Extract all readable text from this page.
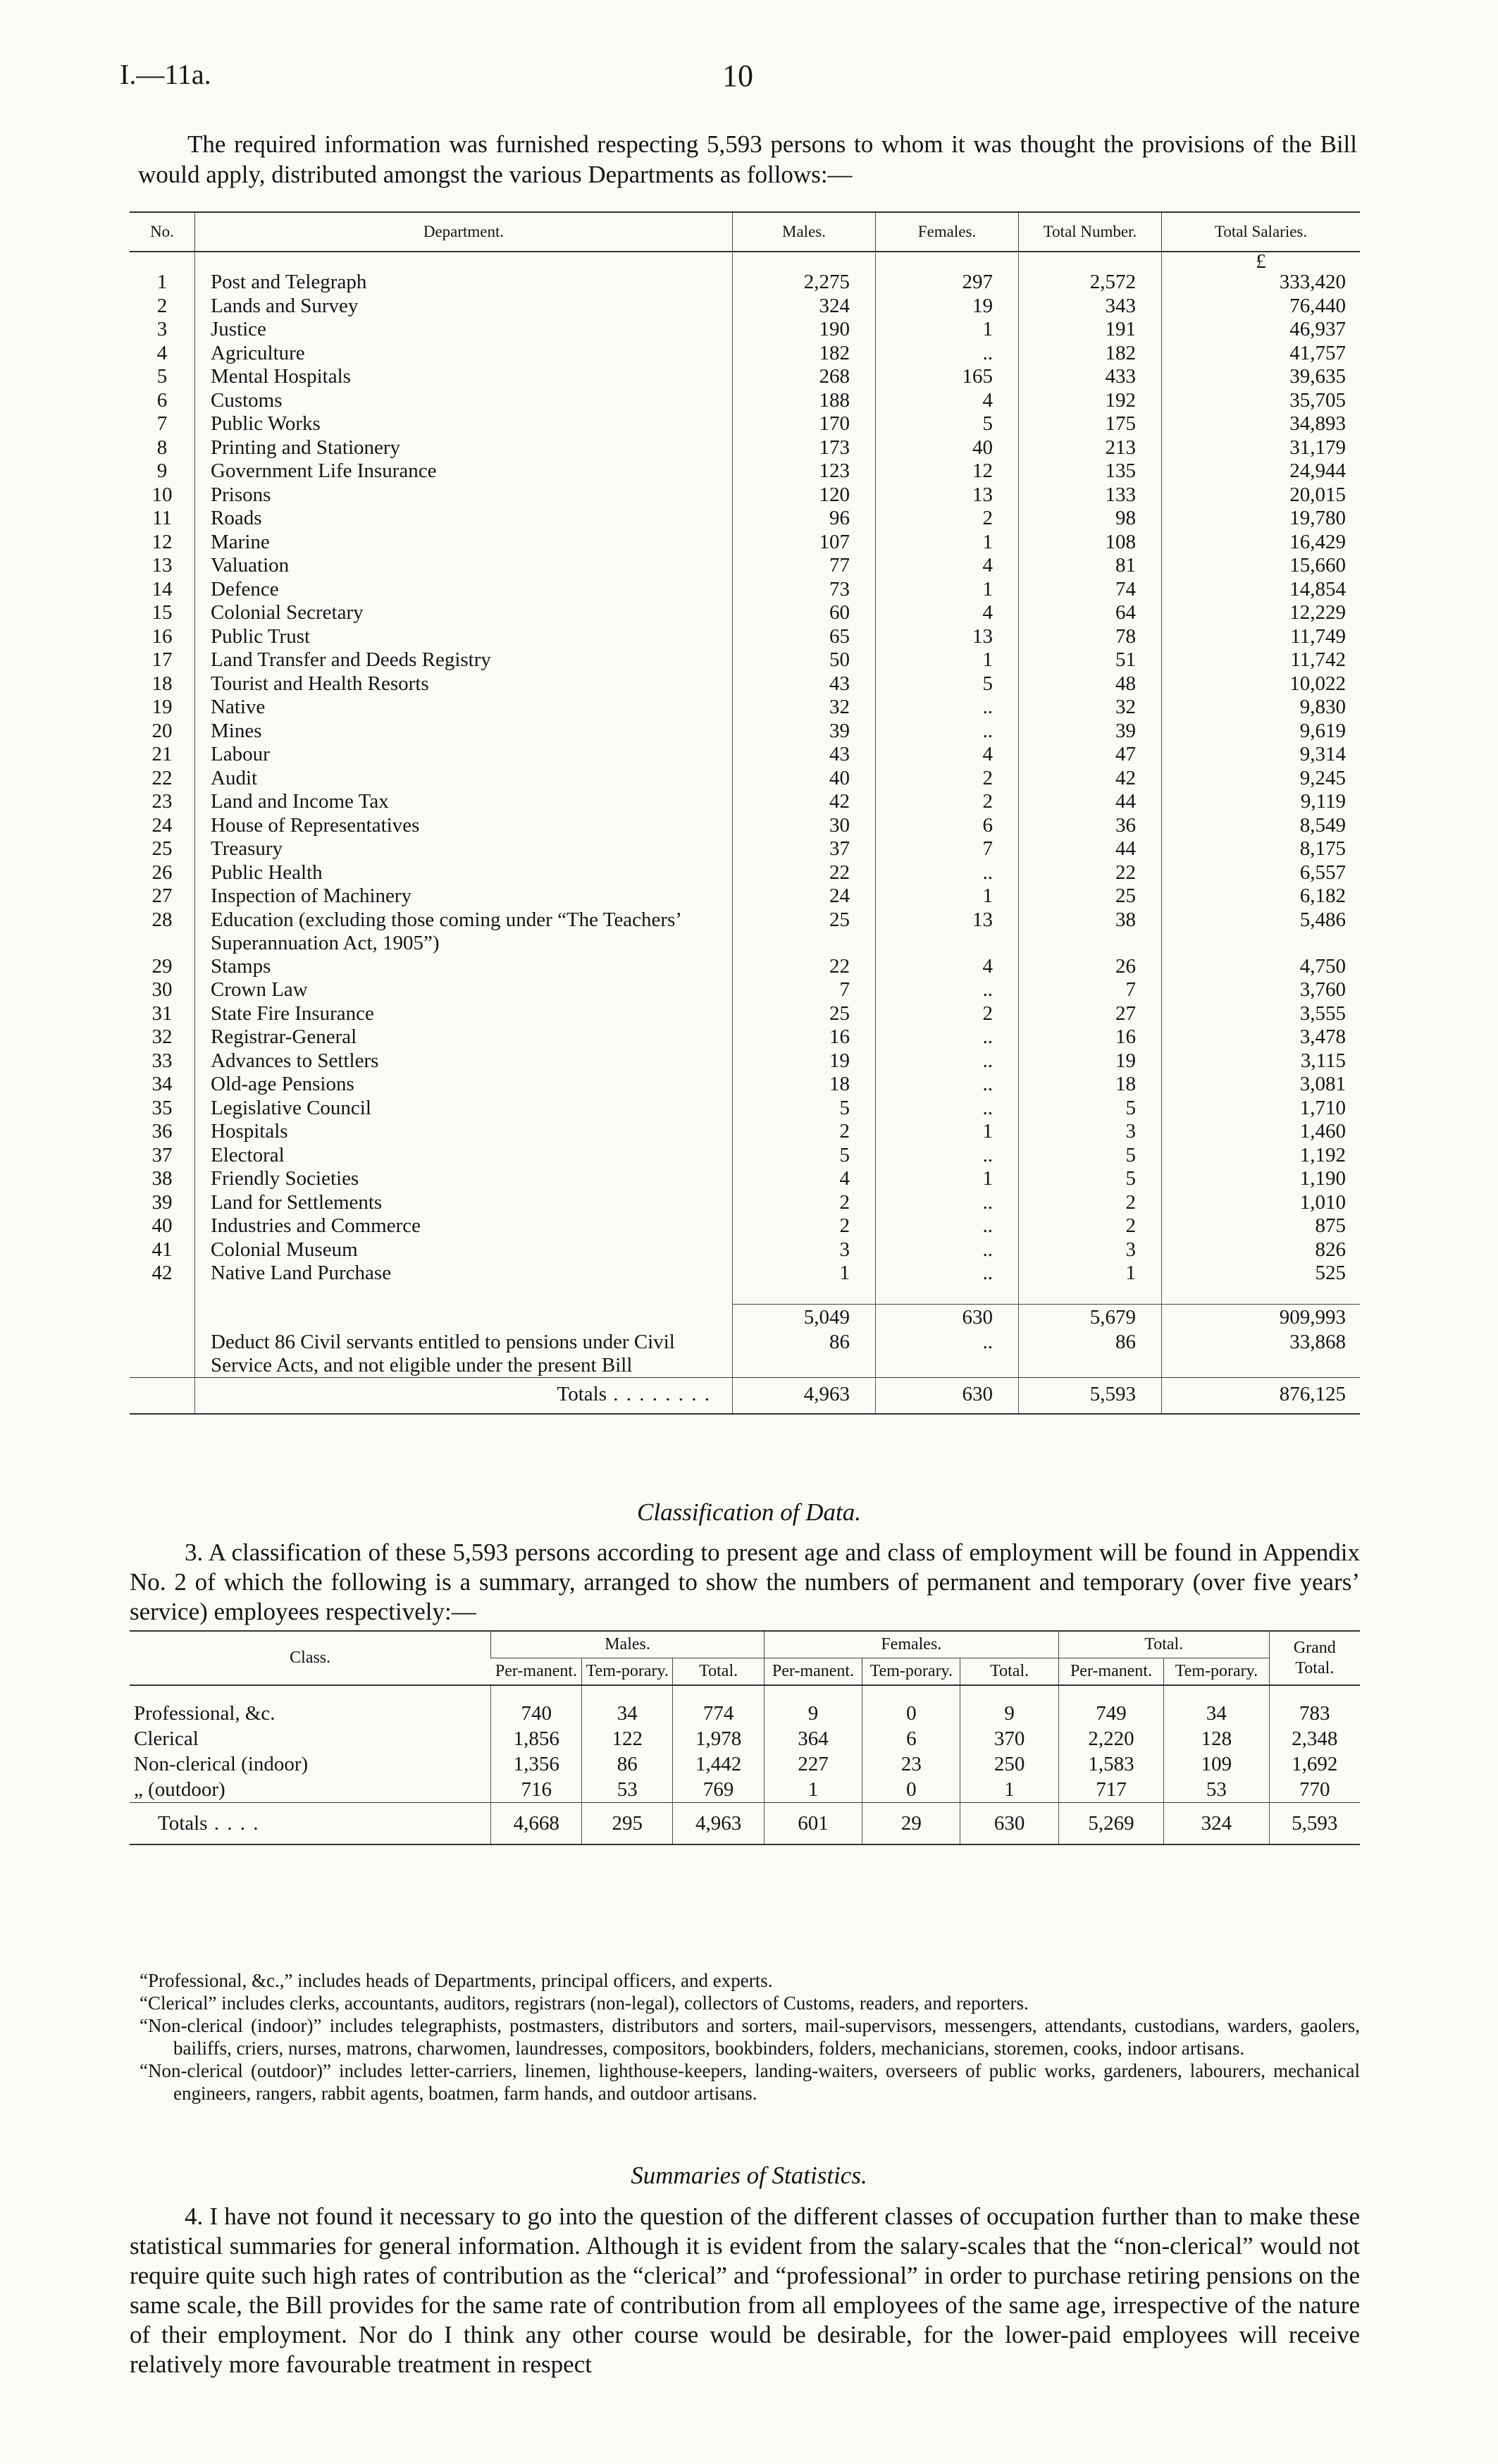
I.—11a.	10

The required information was furnished respecting 5,593 persons to whom it was thought the provisions of the Bill would apply, distributed amongst the various Departments as follows:—

No.	Department.	Males.	Females.	Total Number.	Total Salaries.
					£
1	Post and Telegraph	2,275	297	2,572	333,420
2	Lands and Survey	324	19	343	76,440
3	Justice	190	1	191	46,937
4	Agriculture	182	..	182	41,757
5	Mental Hospitals	268	165	433	39,635
6	Customs	188	4	192	35,705
7	Public Works	170	5	175	34,893
8	Printing and Stationery	173	40	213	31,179
9	Government Life Insurance	123	12	135	24,944
10	Prisons	120	13	133	20,015
11	Roads	96	2	98	19,780
12	Marine	107	1	108	16,429
13	Valuation	77	4	81	15,660
14	Defence	73	1	74	14,854
15	Colonial Secretary	60	4	64	12,229
16	Public Trust	65	13	78	11,749
17	Land Transfer and Deeds Registry	50	1	51	11,742
18	Tourist and Health Resorts	43	5	48	10,022
19	Native	32	..	32	9,830
20	Mines	39	..	39	9,619
21	Labour	43	4	47	9,314
22	Audit	40	2	42	9,245
23	Land and Income Tax	42	2	44	9,119
24	House of Representatives	30	6	36	8,549
25	Treasury	37	7	44	8,175
26	Public Health	22	..	22	6,557
27	Inspection of Machinery	24	1	25	6,182
28	Education (excluding those coming under “The Teachers’ Superannuation Act, 1905”)	25	13	38	5,486
29	Stamps	22	4	26	4,750
30	Crown Law	7	..	7	3,760
31	State Fire Insurance	25	2	27	3,555
32	Registrar-General	16	..	16	3,478
33	Advances to Settlers	19	..	19	3,115
34	Old-age Pensions	18	..	18	3,081
35	Legislative Council	5	..	5	1,710
36	Hospitals	2	1	3	1,460
37	Electoral	5	..	5	1,192
38	Friendly Societies	4	1	5	1,190
39	Land for Settlements	2	..	2	1,010
40	Industries and Commerce	2	..	2	875
41	Colonial Museum	3	..	3	826
42	Native Land Purchase	1	..	1	525

		5,049	630	5,679	909,993
	Deduct 86 Civil servants entitled to pensions under Civil Service Acts, and not eligible under the present Bill	86	..	86	33,868
	Totals . . . . . . . .	4,963	630	5,593	876,125
Classification of Data.

3. A classification of these 5,593 persons according to present age and class of employment will be found in Appendix No. 2 of which the following is a summary, arranged to show the numbers of permanent and temporary (over five years’ service) employees respectively:—

Class.	Males.			Females.			Total.		Grand Total.
	Per-manent.	Tem-porary.	Total.	Per-manent.	Tem-porary.	Total.	Per-manent.	Tem-porary.	
Professional, &c.	740	34	774	9	0	9	749	34	783
Clerical	1,856	122	1,978	364	6	370	2,220	128	2,348
Non-clerical (indoor)	1,356	86	1,442	227	23	250	1,583	109	1,692
„ (outdoor)	716	53	769	1	0	1	717	53	770
Totals . . . .	4,668	295	4,963	601	29	630	5,269	324	5,593
“Professional, &c.,” includes heads of Departments, principal officers, and experts.
“Clerical” includes clerks, accountants, auditors, registrars (non-legal), collectors of Customs, readers, and reporters.
“Non-clerical (indoor)” includes telegraphists, postmasters, distributors and sorters, mail-supervisors, messengers, attendants, custodians, warders, gaolers, bailiffs, criers, nurses, matrons, charwomen, laundresses, compositors, bookbinders, folders, mechanicians, storemen, cooks, indoor artisans.
“Non-clerical (outdoor)” includes letter-carriers, linemen, lighthouse-keepers, landing-waiters, overseers of public works, gardeners, labourers, mechanical engineers, rangers, rabbit agents, boatmen, farm hands, and outdoor artisans.
Summaries of Statistics.

4. I have not found it necessary to go into the question of the different classes of occupation further than to make these statistical summaries for general information. Although it is evident from the salary-scales that the “non-clerical” would not require quite such high rates of contribution as the “clerical” and “professional” in order to purchase retiring pensions on the same scale, the Bill provides for the same rate of contribution from all employees of the same age, irrespective of the nature of their employment. Nor do I think any other course would be desirable, for the lower-paid employees will receive relatively more favourable treatment in respect
